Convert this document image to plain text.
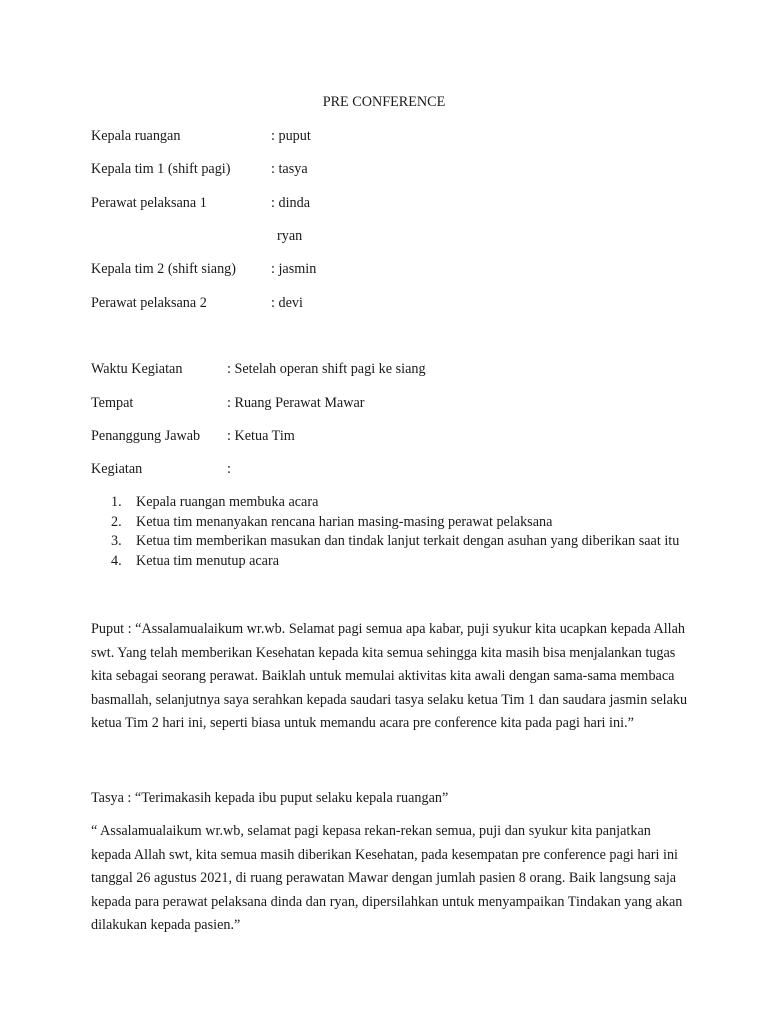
PRE CONFERENCE
Kepala ruangan	: puput
Kepala tim 1 (shift pagi)	: tasya
Perawat pelaksana 1	: dinda
ryan
Kepala tim 2 (shift siang) : jasmin
Perawat pelaksana 2	: devi
Waktu Kegiatan	: Setelah operan shift pagi ke siang
Tempat	: Ruang Perawat Mawar
Penanggung Jawab : Ketua Tim
Kegiatan	:
1. Kepala ruangan membuka acara
2. Ketua tim menanyakan rencana harian masing-masing perawat pelaksana
3. Ketua tim memberikan masukan dan tindak lanjut terkait dengan asuhan yang diberikan saat itu
4. Ketua tim menutup acara

Puput : “Assalamualaikum wr.wb. Selamat pagi semua apa kabar, puji syukur kita ucapkan kepada Allah swt. Yang telah memberikan Kesehatan kepada kita semua sehingga kita masih bisa menjalankan tugas kita sebagai seorang perawat. Baiklah untuk memulai aktivitas kita awali dengan sama-sama membaca basmallah, selanjutnya saya serahkan kepada saudari tasya selaku ketua Tim 1 dan saudara jasmin selaku ketua Tim 2 hari ini, seperti biasa untuk memandu acara pre conference kita pada pagi hari ini.”

Tasya : “Terimakasih kepada ibu puput selaku kepala ruangan”

“ Assalamualaikum wr.wb, selamat pagi kepasa rekan-rekan semua, puji dan syukur kita panjatkan kepada Allah swt, kita semua masih diberikan Kesehatan, pada kesempatan pre conference pagi hari ini tanggal 26 agustus 2021, di ruang perawatan Mawar dengan jumlah pasien 8 orang. Baik langsung saja kepada para perawat pelaksana dinda dan ryan, dipersilahkan untuk menyampaikan Tindakan yang akan dilakukan kepada pasien.”
